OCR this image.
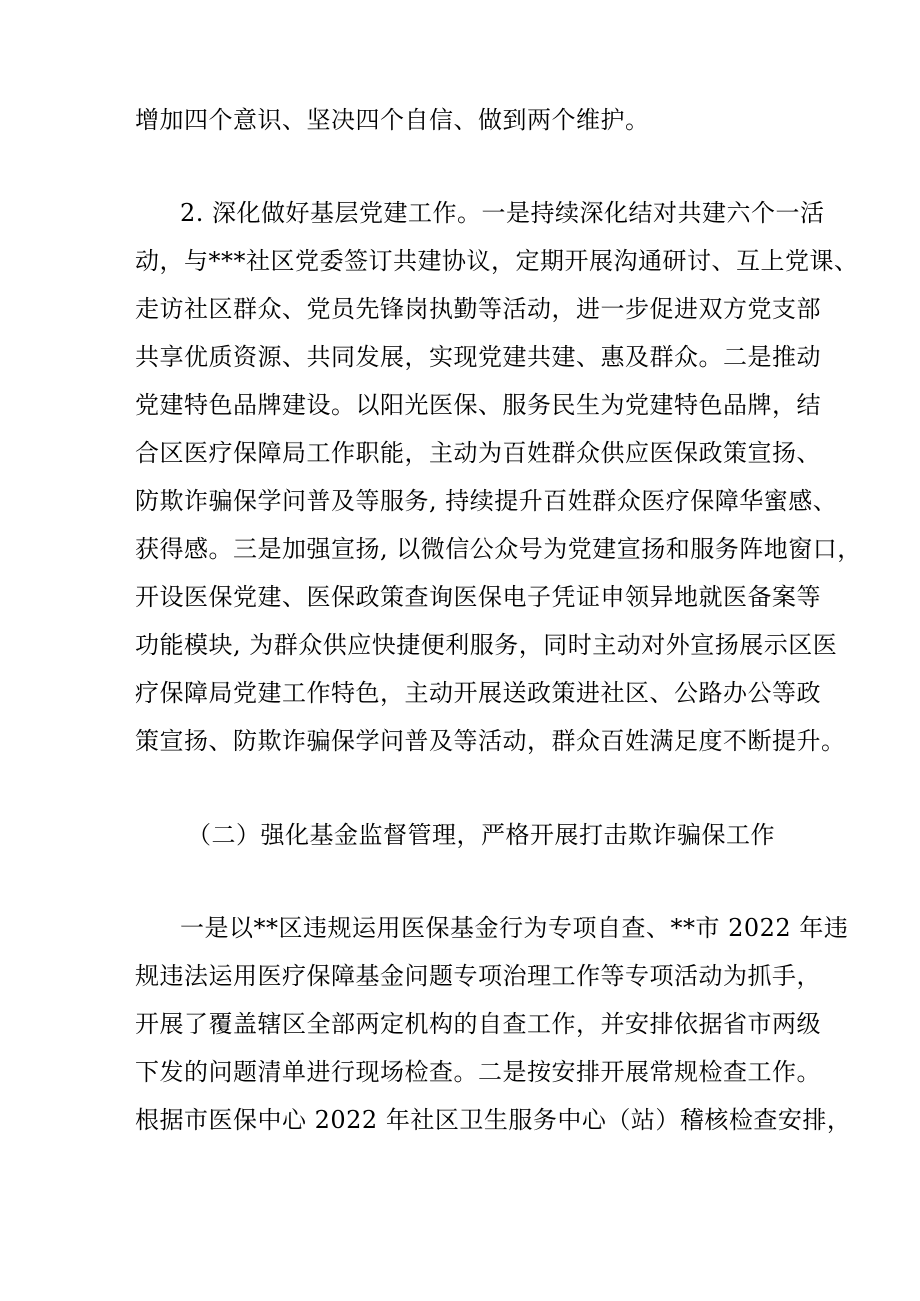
增加四个意识、坚决四个自信、做到两个维护。
2. 深化做好基层党建工作。一是持续深化结对共建六个一活
动，与***社区党委签订共建协议，定期开展沟通研讨、互上党课、
走访社区群众、党员先锋岗执勤等活动，进一步促进双方党支部
共享优质资源、共同发展，实现党建共建、惠及群众。二是推动
党建特色品牌建设。以阳光医保、服务民生为党建特色品牌，结
合区医疗保障局工作职能，主动为百姓群众供应医保政策宣扬、
防欺诈骗保学问普及等服务, 持续提升百姓群众医疗保障华蜜感、
获得感。三是加强宣扬, 以微信公众号为党建宣扬和服务阵地窗口，
开设医保党建、医保政策查询医保电子凭证申领异地就医备案等
功能模块, 为群众供应快捷便利服务，同时主动对外宣扬展示区医
疗保障局党建工作特色，主动开展送政策进社区、公路办公等政
策宣扬、防欺诈骗保学问普及等活动，群众百姓满足度不断提升。
（二）强化基金监督管理，严格开展打击欺诈骗保工作
一是以**区违规运用医保基金行为专项自查、**市 2022 年违
规违法运用医疗保障基金问题专项治理工作等专项活动为抓手，
开展了覆盖辖区全部两定机构的自查工作，并安排依据省市两级
下发的问题清单进行现场检查。二是按安排开展常规检查工作。
根据市医保中心 2022 年社区卫生服务中心（站）稽核检查安排，
